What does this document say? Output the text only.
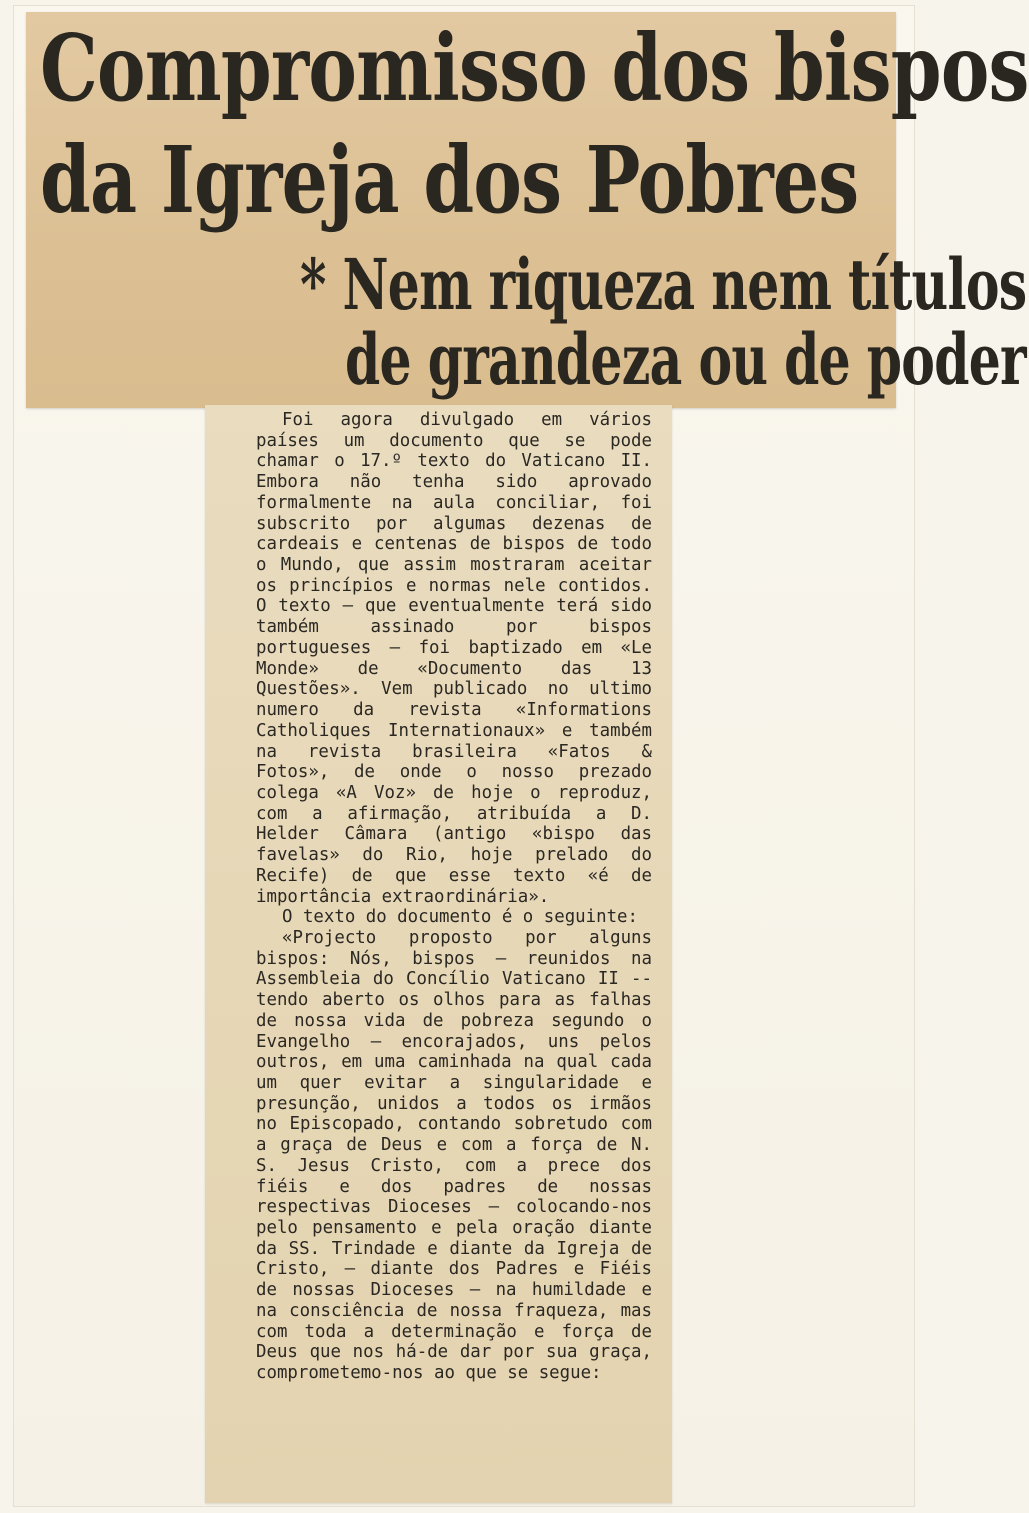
Compromisso dos bispos
da Igreja dos Pobres
* Nem riqueza nem títulos
de grandeza ou de poder

Foi agora divulgado em vários países um documento que se pode chamar o 17.º texto do Vaticano II. Embora não tenha sido aprovado formalmente na aula conciliar, foi subscrito por algumas dezenas de cardeais e centenas de bispos de todo o Mundo, que assim mostraram aceitar os princípios e normas nele contidos. O texto — que eventualmente terá sido também assinado por bispos portugueses — foi baptizado em «Le Monde» de «Documento das 13 Questões». Vem publicado no ultimo numero da revista «Informations Catholiques Internationaux» e também na revista brasileira «Fatos & Fotos», de onde o nosso prezado colega «A Voz» de hoje o reproduz, com a afirmação, atribuída a D. Helder Câmara (antigo «bispo das favelas» do Rio, hoje prelado do Recife) de que esse texto «é de importância extraordinária».

O texto do documento é o seguinte:

«Projecto proposto por alguns bispos: Nós, bispos — reunidos na Assembleia do Concílio Vaticano II -- tendo aberto os olhos para as falhas de nossa vida de pobreza segundo o Evangelho — encorajados, uns pelos outros, em uma caminhada na qual cada um quer evitar a singularidade e presunção, unidos a todos os irmãos no Episcopado, contando sobretudo com a graça de Deus e com a força de N. S. Jesus Cristo, com a prece dos fiéis e dos padres de nossas respectivas Dioceses — colocando-nos pelo pensamento e pela oração diante da SS. Trindade e diante da Igreja de Cristo, — diante dos Padres e Fiéis de nossas Dioceses — na humildade e na consciência de nossa fraqueza, mas com toda a determinação e força de Deus que nos há-de dar por sua graça, comprometemo-nos ao que se segue:
